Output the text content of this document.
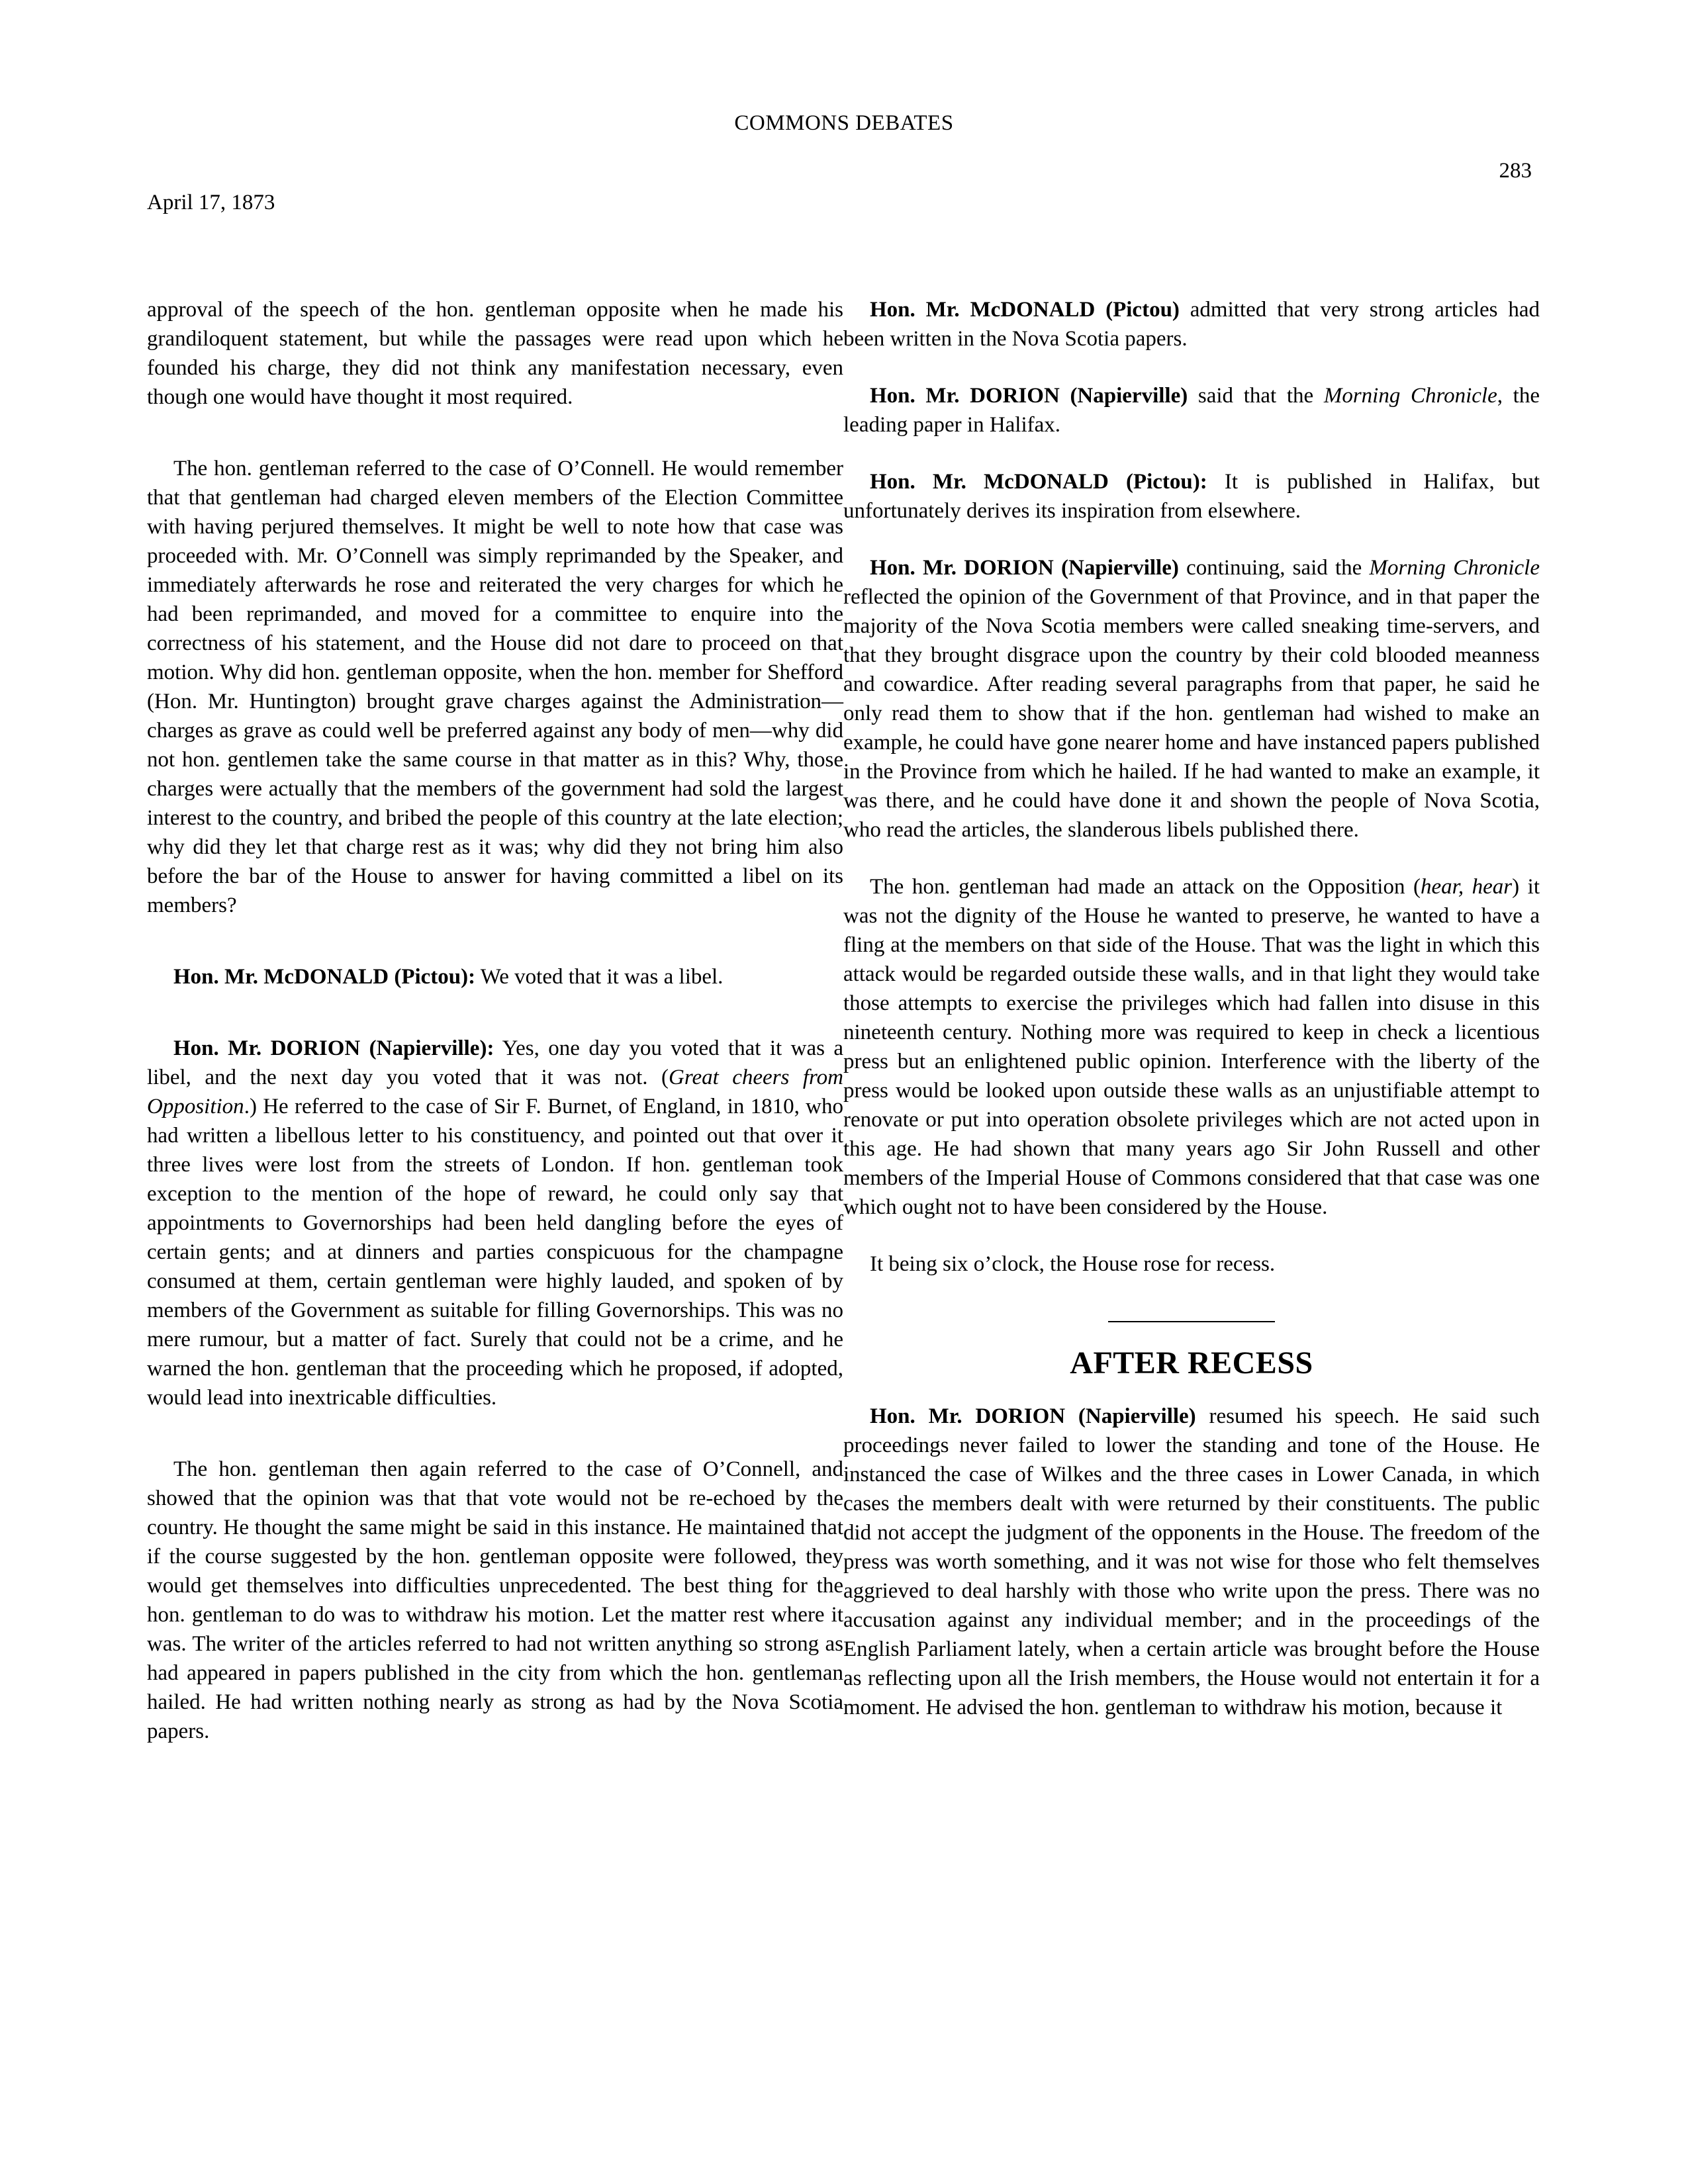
COMMONS DEBATES
283
April 17, 1873

approval of the speech of the hon. gentleman opposite when he made his grandiloquent statement, but while the passages were read upon which he founded his charge, they did not think any manifestation necessary, even though one would have thought it most required.

The hon. gentleman referred to the case of O’Connell. He would remember that that gentleman had charged eleven members of the Election Committee with having perjured themselves. It might be well to note how that case was proceeded with. Mr. O’Connell was simply reprimanded by the Speaker, and immediately afterwards he rose and reiterated the very charges for which he had been reprimanded, and moved for a committee to enquire into the correctness of his statement, and the House did not dare to proceed on that motion. Why did hon. gentleman opposite, when the hon. member for Shefford (Hon. Mr. Huntington) brought grave charges against the Administration—charges as grave as could well be preferred against any body of men—why did not hon. gentlemen take the same course in that matter as in this? Why, those charges were actually that the members of the government had sold the largest interest to the country, and bribed the people of this country at the late election; why did they let that charge rest as it was; why did they not bring him also before the bar of the House to answer for having committed a libel on its members?

Hon. Mr. McDONALD (Pictou): We voted that it was a libel.

Hon. Mr. DORION (Napierville): Yes, one day you voted that it was a libel, and the next day you voted that it was not. (Great cheers from Opposition.) He referred to the case of Sir F. Burnet, of England, in 1810, who had written a libellous letter to his constituency, and pointed out that over it three lives were lost from the streets of London. If hon. gentleman took exception to the mention of the hope of reward, he could only say that appointments to Governorships had been held dangling before the eyes of certain gents; and at dinners and parties conspicuous for the champagne consumed at them, certain gentleman were highly lauded, and spoken of by members of the Government as suitable for filling Governorships. This was no mere rumour, but a matter of fact. Surely that could not be a crime, and he warned the hon. gentleman that the proceeding which he proposed, if adopted, would lead into inextricable difficulties.

The hon. gentleman then again referred to the case of O’Connell, and showed that the opinion was that that vote would not be re-echoed by the country. He thought the same might be said in this instance. He maintained that if the course suggested by the hon. gentleman opposite were followed, they would get themselves into difficulties unprecedented. The best thing for the hon. gentleman to do was to withdraw his motion. Let the matter rest where it was. The writer of the articles referred to had not written anything so strong as had appeared in papers published in the city from which the hon. gentleman hailed. He had written nothing nearly as strong as had by the Nova Scotia papers.

Hon. Mr. McDONALD (Pictou) admitted that very strong articles had been written in the Nova Scotia papers.

Hon. Mr. DORION (Napierville) said that the Morning Chronicle, the leading paper in Halifax.

Hon. Mr. McDONALD (Pictou): It is published in Halifax, but unfortunately derives its inspiration from elsewhere.

Hon. Mr. DORION (Napierville) continuing, said the Morning Chronicle reflected the opinion of the Government of that Province, and in that paper the majority of the Nova Scotia members were called sneaking time-servers, and that they brought disgrace upon the country by their cold blooded meanness and cowardice. After reading several paragraphs from that paper, he said he only read them to show that if the hon. gentleman had wished to make an example, he could have gone nearer home and have instanced papers published in the Province from which he hailed. If he had wanted to make an example, it was there, and he could have done it and shown the people of Nova Scotia, who read the articles, the slanderous libels published there.

The hon. gentleman had made an attack on the Opposition (hear, hear) it was not the dignity of the House he wanted to preserve, he wanted to have a fling at the members on that side of the House. That was the light in which this attack would be regarded outside these walls, and in that light they would take those attempts to exercise the privileges which had fallen into disuse in this nineteenth century. Nothing more was required to keep in check a licentious press but an enlightened public opinion. Interference with the liberty of the press would be looked upon outside these walls as an unjustifiable attempt to renovate or put into operation obsolete privileges which are not acted upon in this age. He had shown that many years ago Sir John Russell and other members of the Imperial House of Commons considered that that case was one which ought not to have been considered by the House.

It being six o’clock, the House rose for recess.

AFTER RECESS

Hon. Mr. DORION (Napierville) resumed his speech. He said such proceedings never failed to lower the standing and tone of the House. He instanced the case of Wilkes and the three cases in Lower Canada, in which cases the members dealt with were returned by their constituents. The public did not accept the judgment of the opponents in the House. The freedom of the press was worth something, and it was not wise for those who felt themselves aggrieved to deal harshly with those who write upon the press. There was no accusation against any individual member; and in the proceedings of the English Parliament lately, when a certain article was brought before the House as reflecting upon all the Irish members, the House would not entertain it for a moment. He advised the hon. gentleman to withdraw his motion, because it
